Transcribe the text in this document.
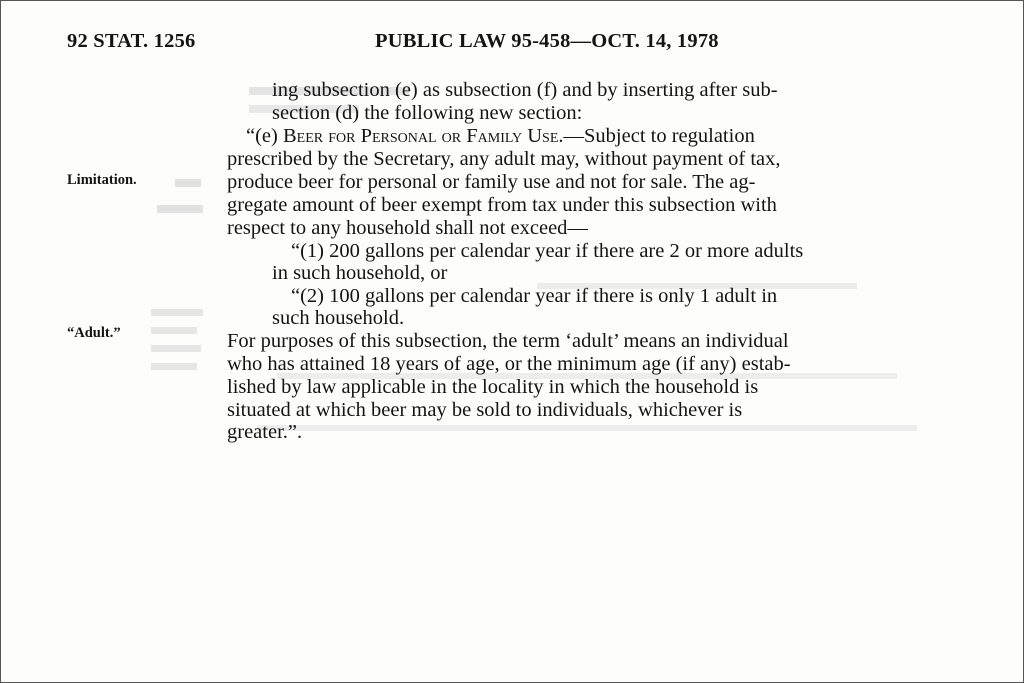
92 STAT. 1256	PUBLIC LAW 95-458—OCT. 14, 1978
Limitation.
“Adult.”
ing subsection (e) as subsection (f) and by inserting after sub-
section (d) the following new section:
“(e) Beer for Personal or Family Use.—Subject to regulation
prescribed by the Secretary, any adult may, without payment of tax,
produce beer for personal or family use and not for sale. The ag-
gregate amount of beer exempt from tax under this subsection with
respect to any household shall not exceed—
“(1) 200 gallons per calendar year if there are 2 or more adults
in such household, or
“(2) 100 gallons per calendar year if there is only 1 adult in
such household.
For purposes of this subsection, the term ‘adult’ means an individual
who has attained 18 years of age, or the minimum age (if any) estab-
lished by law applicable in the locality in which the household is
situated at which beer may be sold to individuals, whichever is
greater.”.
